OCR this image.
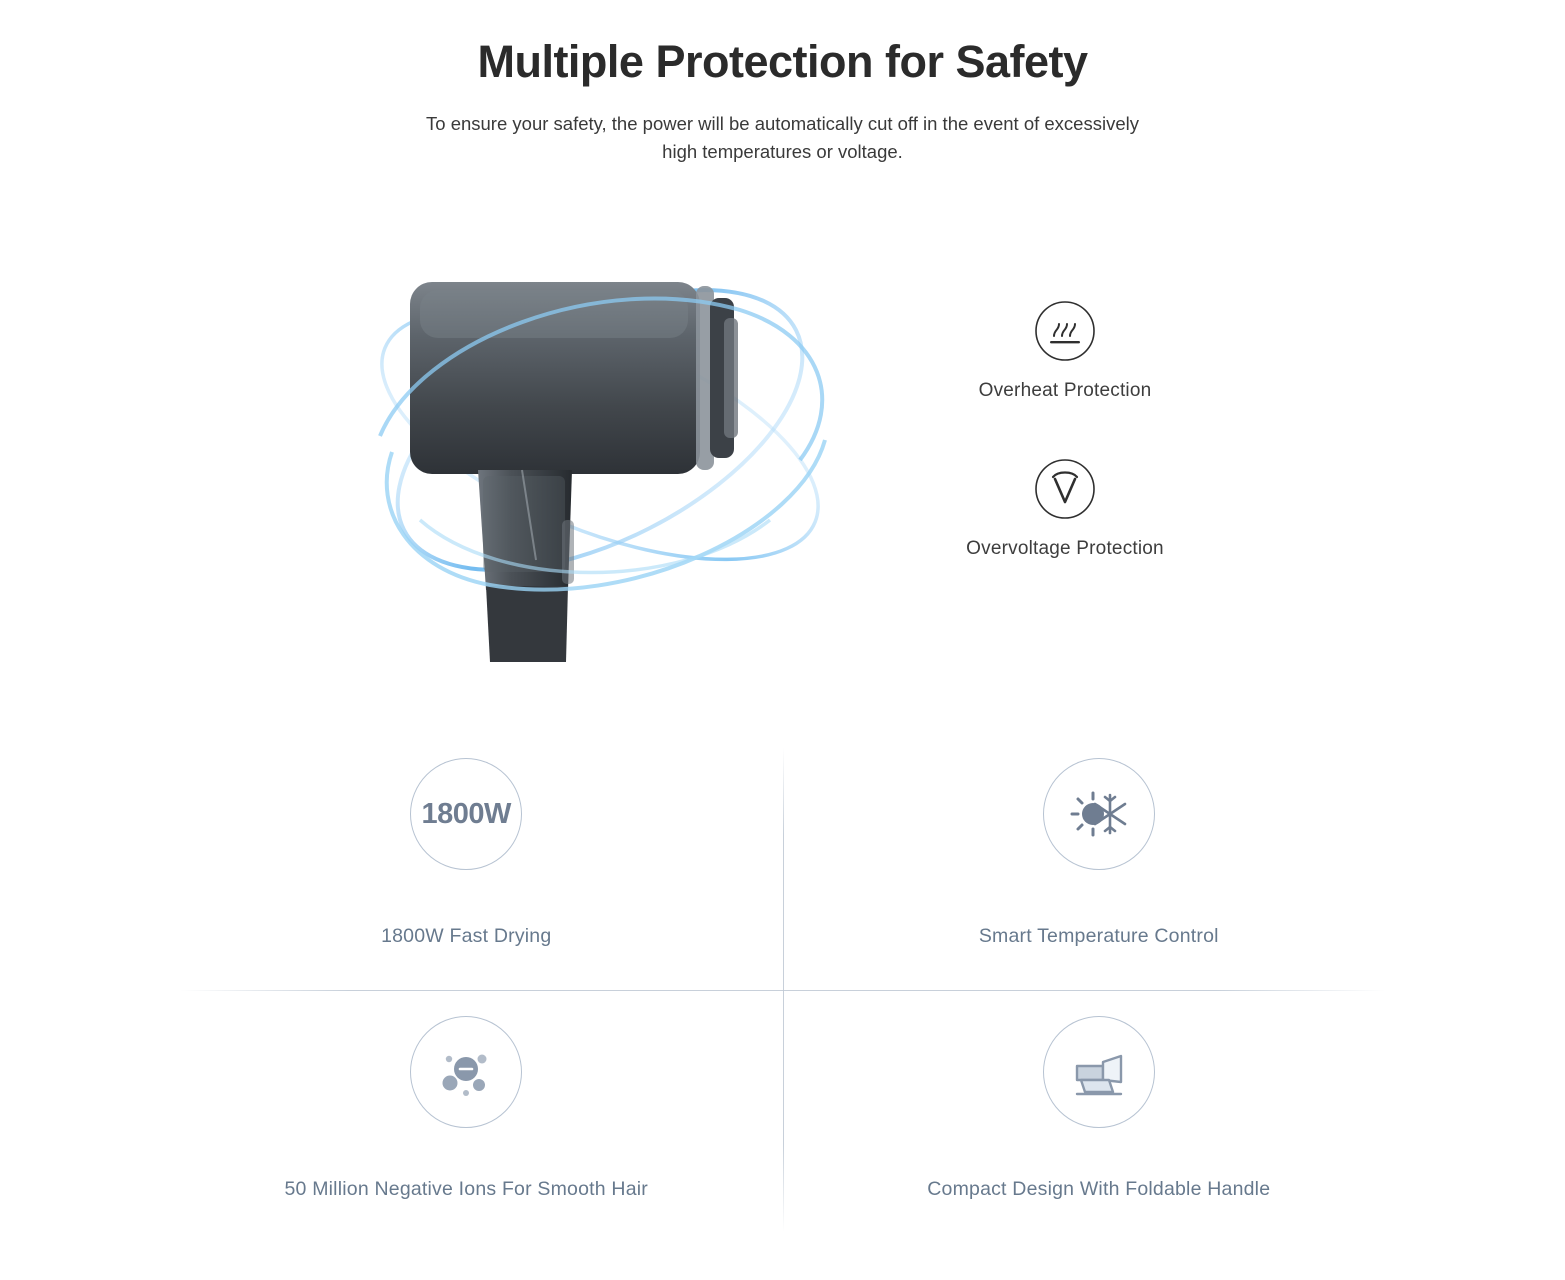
Multiple Protection for Safety

To ensure your safety, the power will be automatically cut off in the event of excessively high temperatures or voltage.

Overheat Protection
Overvoltage Protection
1800W
1800W Fast Drying	Smart Temperature Control
50 Million Negative Ions For Smooth Hair	Compact Design With Foldable Handle
